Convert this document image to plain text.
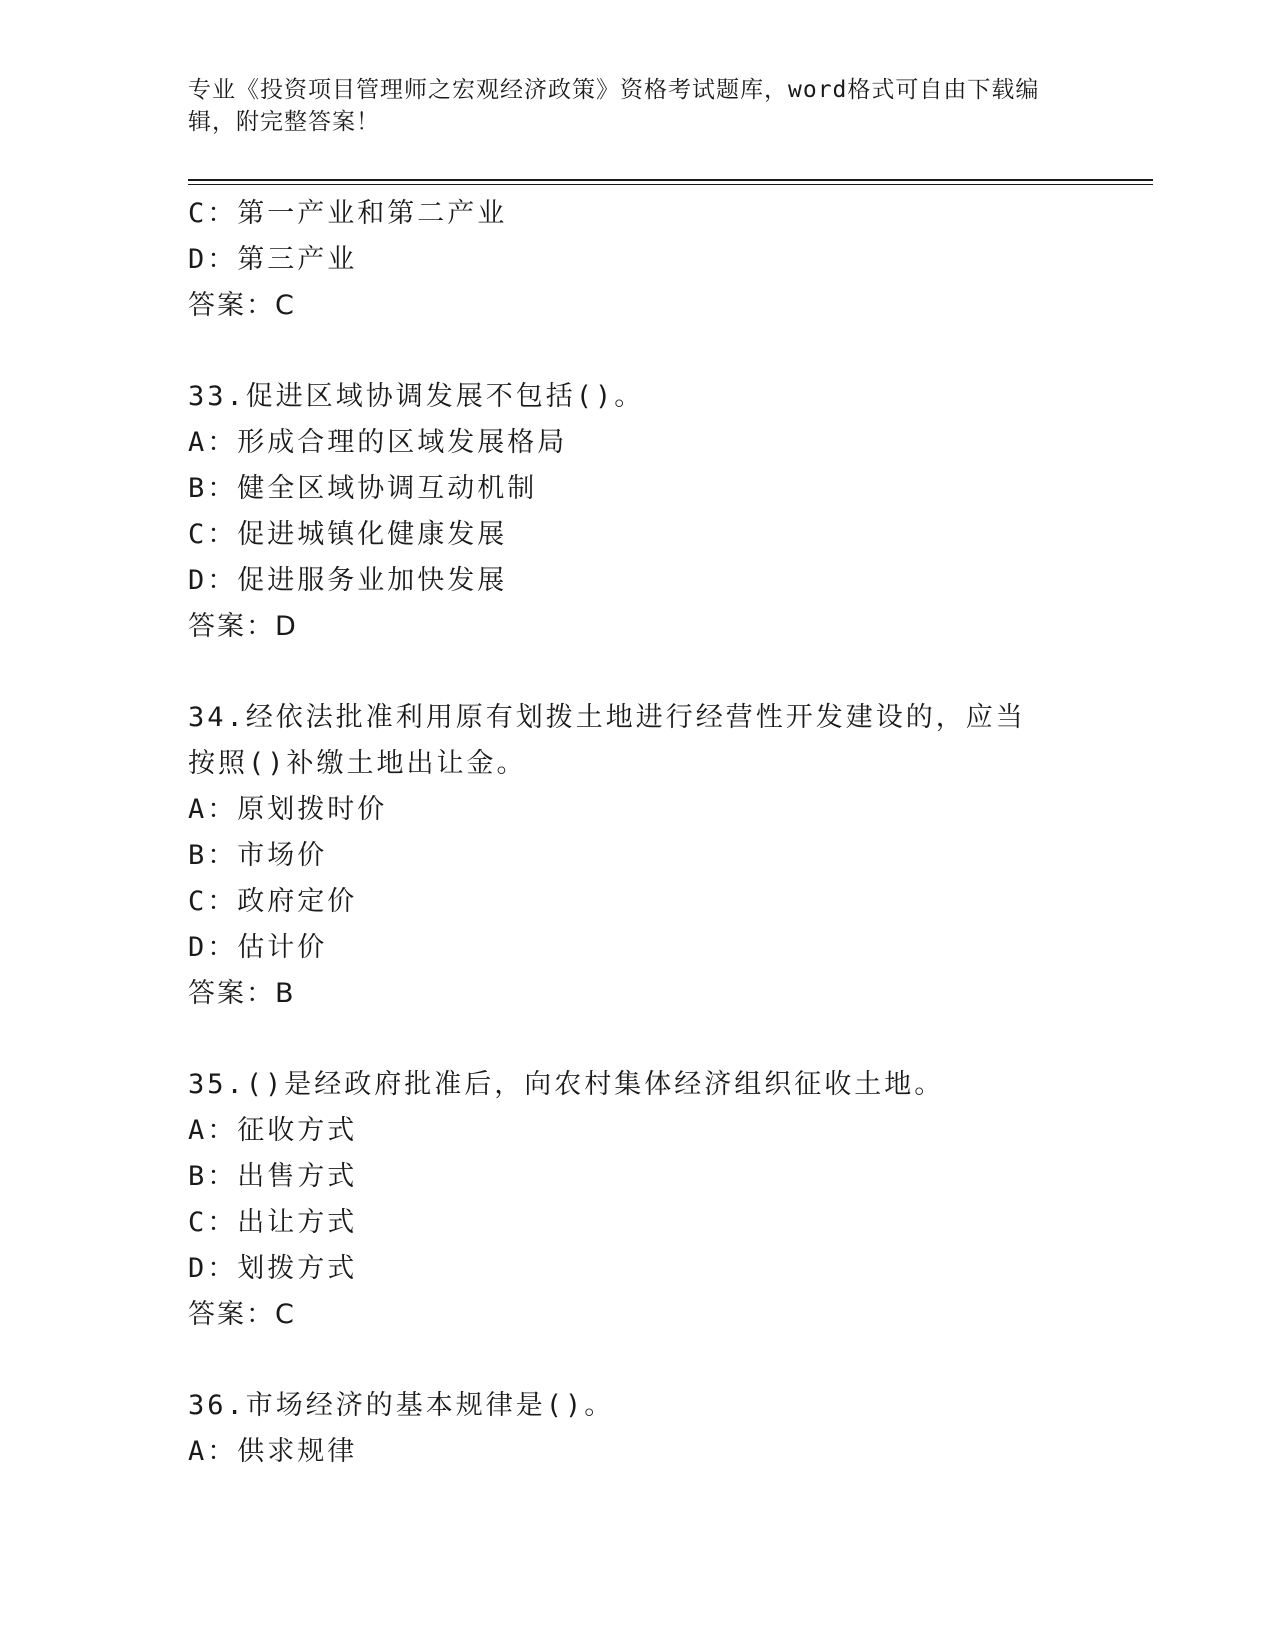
专业《投资项目管理师之宏观经济政策》资格考试题库，word格式可自由下载编辑，附完整答案！
C：第一产业和第二产业
D：第三产业
答案：C
33.促进区域协调发展不包括()。
A：形成合理的区域发展格局
B：健全区域协调互动机制
C：促进城镇化健康发展
D：促进服务业加快发展
答案：D
34.经依法批准利用原有划拨土地进行经营性开发建设的，应当按照()补缴土地出让金。
A：原划拨时价
B：市场价
C：政府定价
D：估计价
答案：B
35.()是经政府批准后，向农村集体经济组织征收土地。
A：征收方式
B：出售方式
C：出让方式
D：划拨方式
答案：C
36.市场经济的基本规律是()。
A：供求规律
